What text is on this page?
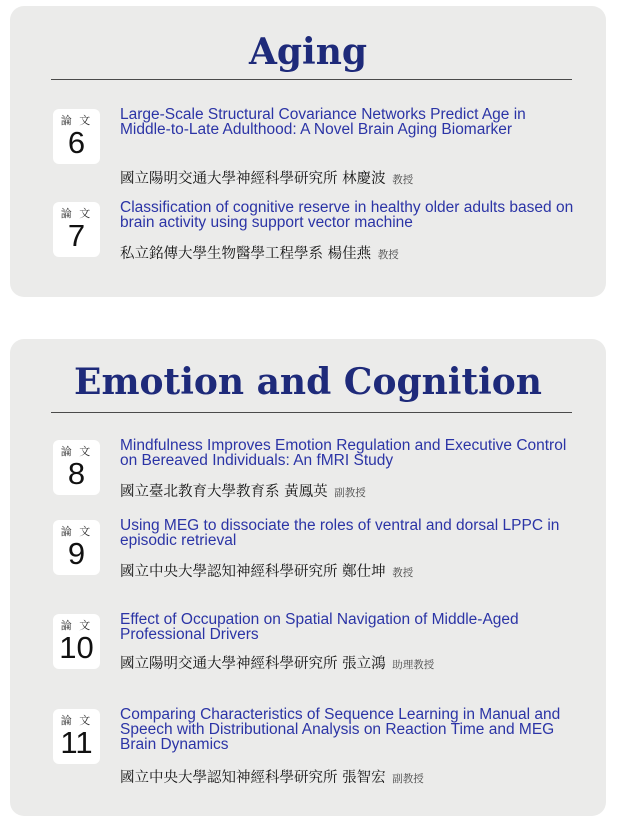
Aging
論 文
6

Large-Scale Structural Covariance Networks Predict Age in Middle-to-Late Adulthood: A Novel Brain Aging Biomarker

國立陽明交通大學神經科學研究所 林慶波 教授
論 文
7

Classification of cognitive reserve in healthy older adults based on brain activity using support vector machine

私立銘傳大學生物醫學工程學系 楊佳燕 教授
Emotion and Cognition
論 文
8

Mindfulness Improves Emotion Regulation and Executive Control on Bereaved Individuals: An fMRI Study

國立臺北教育大學教育系 黃鳳英 副教授
論 文
9

Using MEG to dissociate the roles of ventral and dorsal LPPC in episodic retrieval

國立中央大學認知神經科學研究所 鄭仕坤 教授
論 文
10

Effect of Occupation on Spatial Navigation of Middle-Aged Professional Drivers

國立陽明交通大學神經科學研究所 張立鴻 助理教授
論 文
11

Comparing Characteristics of Sequence Learning in Manual and Speech with Distributional Analysis on Reaction Time and MEG Brain Dynamics

國立中央大學認知神經科學研究所 張智宏 副教授
